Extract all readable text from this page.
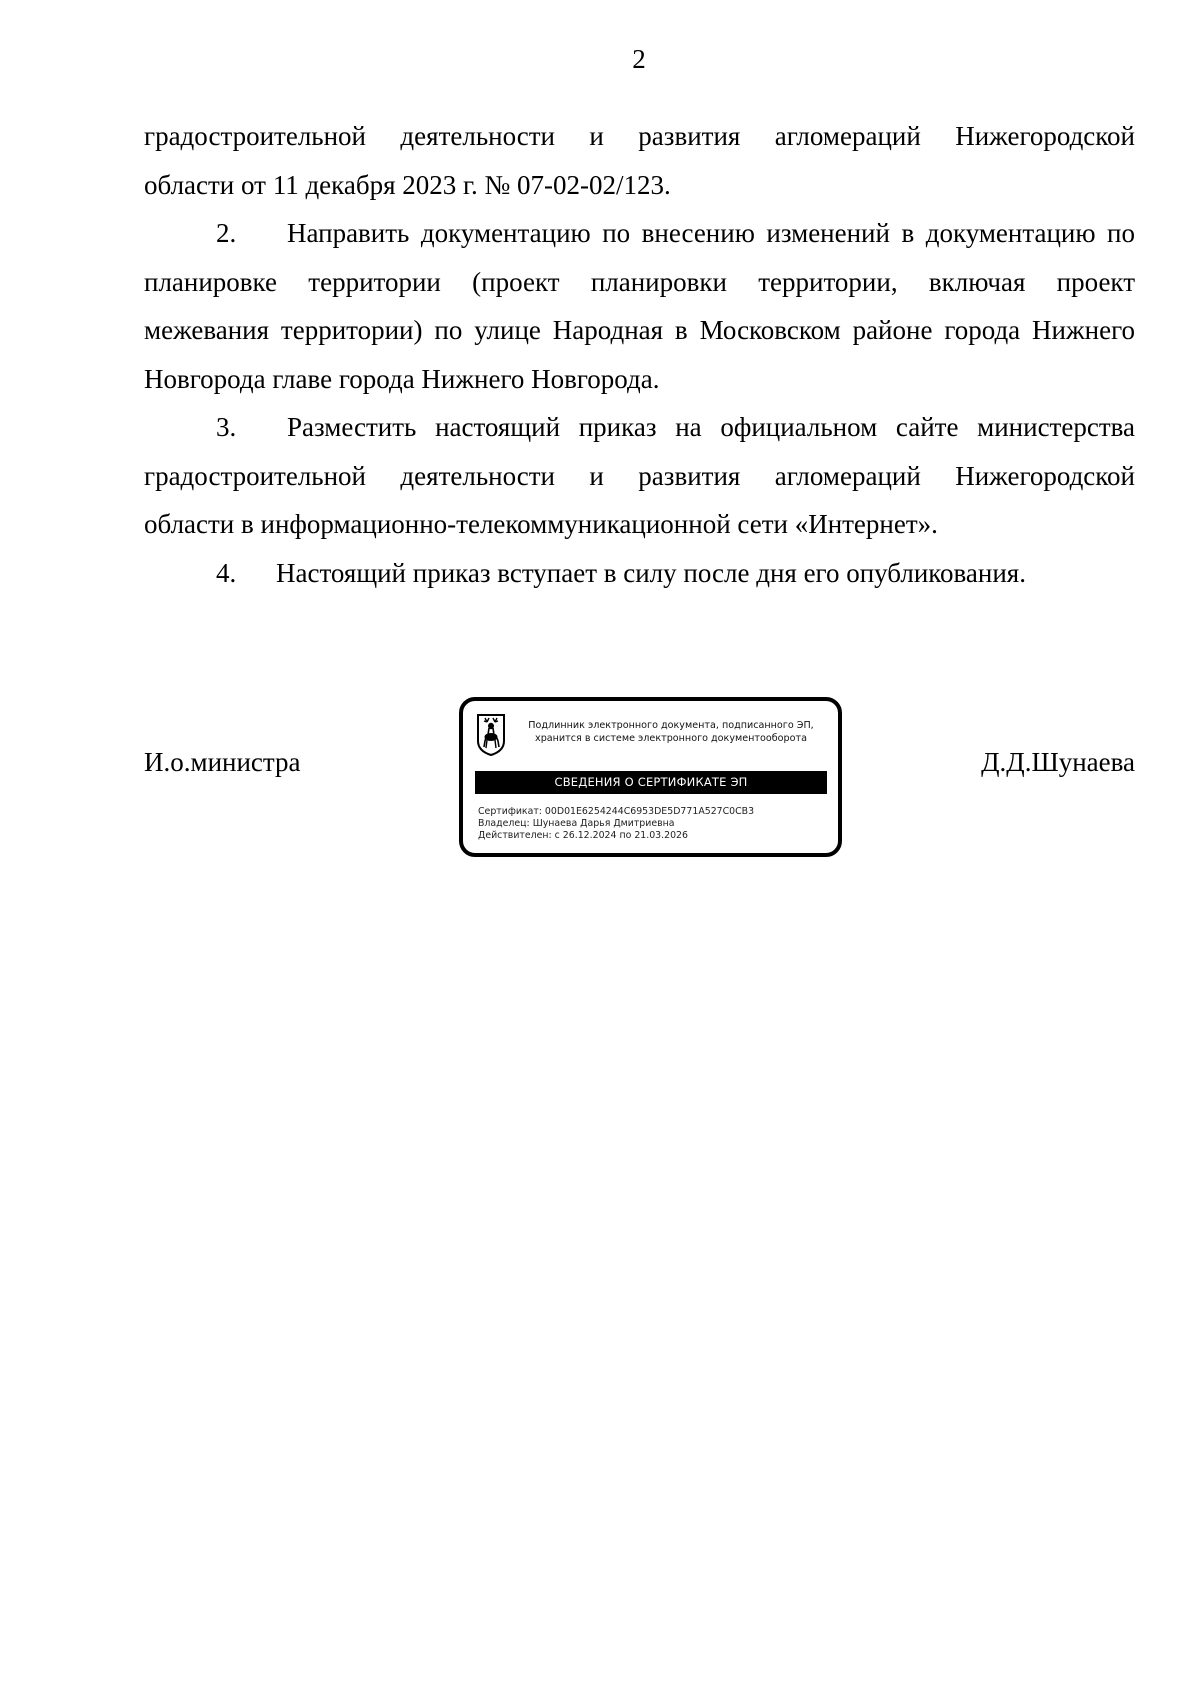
2
градостроительной деятельности и развития агломераций Нижегородской
области от 11 декабря 2023 г. № 07-02-02/123.
2.	Направить документацию по внесению изменений в документацию по
планировке территории (проект планировки территории, включая проект
межевания территории) по улице Народная в Московском районе города Нижнего
Новгорода главе города Нижнего Новгорода.
3.	Разместить настоящий приказ на официальном сайте министерства
градостроительной деятельности и развития агломераций Нижегородской
области в информационно-телекоммуникационной сети «Интернет».
4. Настоящий приказ вступает в силу после дня его опубликования.
И.о.министра	Д.Д.Шунаева
Подлинник электронного документа, подписанного ЭП,
хранится в системе электронного документооборота
СВЕДЕНИЯ О СЕРТИФИКАТЕ ЭП
Сертификат: 00D01E6254244C6953DE5D771A527C0CB3
Владелец: Шунаева Дарья Дмитриевна
Действителен: с 26.12.2024 по 21.03.2026
